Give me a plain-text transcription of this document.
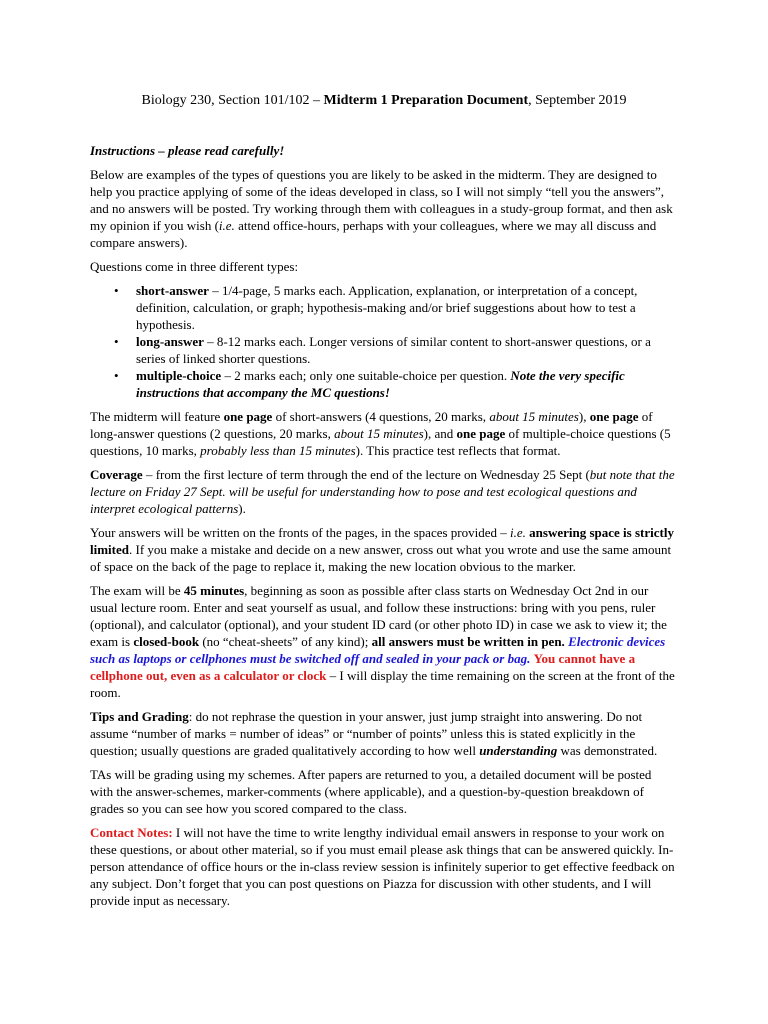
Biology 230, Section 101/102 – Midterm 1 Preparation Document, September 2019

Instructions – please read carefully!

Below are examples of the types of questions you are likely to be asked in the midterm. They are designed to help you practice applying of some of the ideas developed in class, so I will not simply “tell you the answers”, and no answers will be posted. Try working through them with colleagues in a study-group format, and then ask my opinion if you wish (i.e. attend office-hours, perhaps with your colleagues, where we may all discuss and compare answers).

Questions come in three different types:

• short-answer – 1/4-page, 5 marks each. Application, explanation, or interpretation of a concept, definition, calculation, or graph; hypothesis-making and/or brief suggestions about how to test a hypothesis.
• long-answer – 8-12 marks each. Longer versions of similar content to short-answer questions, or a series of linked shorter questions.
• multiple-choice – 2 marks each; only one suitable-choice per question. Note the very specific instructions that accompany the MC questions!

The midterm will feature one page of short-answers (4 questions, 20 marks, about 15 minutes), one page of long-answer questions (2 questions, 20 marks, about 15 minutes), and one page of multiple-choice questions (5 questions, 10 marks, probably less than 15 minutes). This practice test reflects that format.

Coverage – from the first lecture of term through the end of the lecture on Wednesday 25 Sept (but note that the lecture on Friday 27 Sept. will be useful for understanding how to pose and test ecological questions and interpret ecological patterns).

Your answers will be written on the fronts of the pages, in the spaces provided – i.e. answering space is strictly limited. If you make a mistake and decide on a new answer, cross out what you wrote and use the same amount of space on the back of the page to replace it, making the new location obvious to the marker.

The exam will be 45 minutes, beginning as soon as possible after class starts on Wednesday Oct 2nd in our usual lecture room. Enter and seat yourself as usual, and follow these instructions: bring with you pens, ruler (optional), and calculator (optional), and your student ID card (or other photo ID) in case we ask to view it; the exam is closed-book (no “cheat-sheets” of any kind); all answers must be written in pen. Electronic devices such as laptops or cellphones must be switched off and sealed in your pack or bag. You cannot have a cellphone out, even as a calculator or clock – I will display the time remaining on the screen at the front of the room.

Tips and Grading: do not rephrase the question in your answer, just jump straight into answering. Do not assume “number of marks = number of ideas” or “number of points” unless this is stated explicitly in the question; usually questions are graded qualitatively according to how well understanding was demonstrated.

TAs will be grading using my schemes. After papers are returned to you, a detailed document will be posted with the answer-schemes, marker-comments (where applicable), and a question-by-question breakdown of grades so you can see how you scored compared to the class.

Contact Notes: I will not have the time to write lengthy individual email answers in response to your work on these questions, or about other material, so if you must email please ask things that can be answered quickly. In-person attendance of office hours or the in-class review session is infinitely superior to get effective feedback on any subject. Don’t forget that you can post questions on Piazza for discussion with other students, and I will provide input as necessary.
